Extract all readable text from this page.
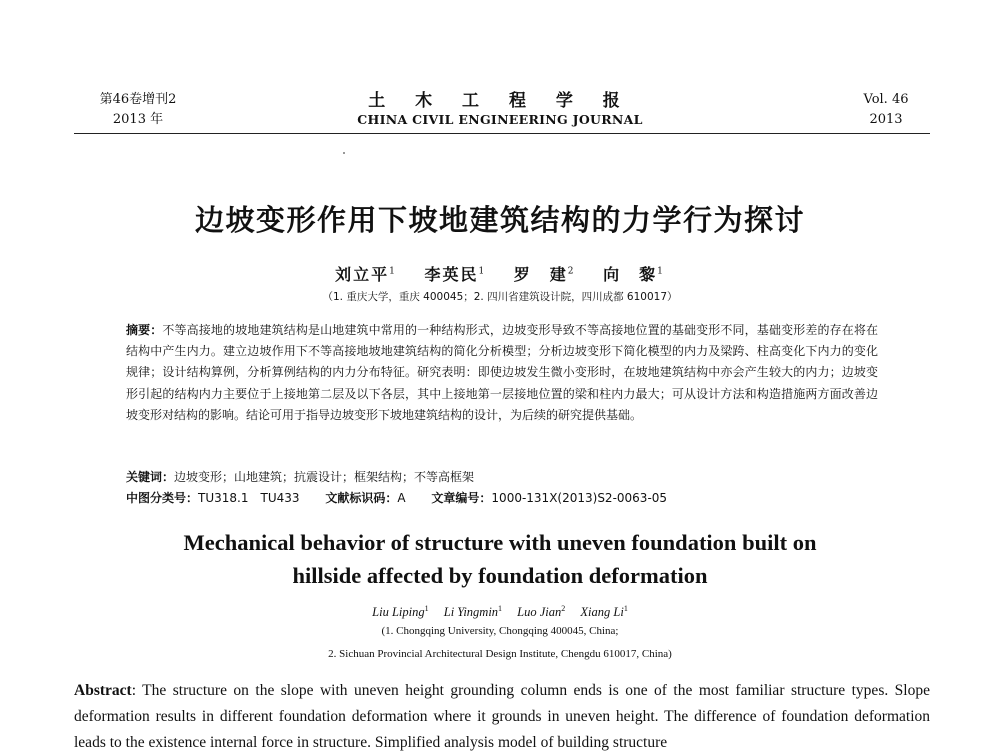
第46卷增刊2
2013 年
土 木 工 程 学 报
CHINA CIVIL ENGINEERING JOURNAL
Vol. 46
2013
边坡变形作用下坡地建筑结构的力学行为探讨
刘立平$^1$ 李英民$^1$ 罗　建$^2$ 向　黎$^1$
（1. 重庆大学，重庆 400045；2. 四川省建筑设计院，四川成都 610017）
摘要：不等高接地的坡地建筑结构是山地建筑中常用的一种结构形式，边坡变形导致不等高接地位置的基础变形不同，基础变形差的存在将在结构中产生内力。建立边坡作用下不等高接地坡地建筑结构的简化分析模型；分析边坡变形下简化模型的内力及梁跨、柱高变化下内力的变化规律；设计结构算例，分析算例结构的内力分布特征。研究表明：即使边坡发生微小变形时，在坡地建筑结构中亦会产生较大的内力；边坡变形引起的结构内力主要位于上接地第二层及以下各层，其中上接地第一层接地位置的梁和柱内力最大；可从设计方法和构造措施两方面改善边坡变形对结构的影响。结论可用于指导边坡变形下坡地建筑结构的设计，为后续的研究提供基础。
关键词：边坡变形；山地建筑；抗震设计；框架结构；不等高框架
中图分类号：TU318.1　TU433 文献标识码：A 文章编号：1000-131X(2013)S2-0063-05
Mechanical behavior of structure with uneven foundation built on
hillside affected by foundation deformation
Liu Liping$^1$ Li Yingmin$^1$ Luo Jian$^2$ Xiang Li$^1$
(1. Chongqing University, Chongqing 400045, China;
2. Sichuan Provincial Architectural Design Institute, Chengdu 610017, China)
Abstract: The structure on the slope with uneven height grounding column ends is one of the most familiar structure types. Slope deformation results in different foundation deformation where it grounds in uneven height. The difference of foundation deformation leads to the existence internal force in structure. Simplified analysis model of building structure
